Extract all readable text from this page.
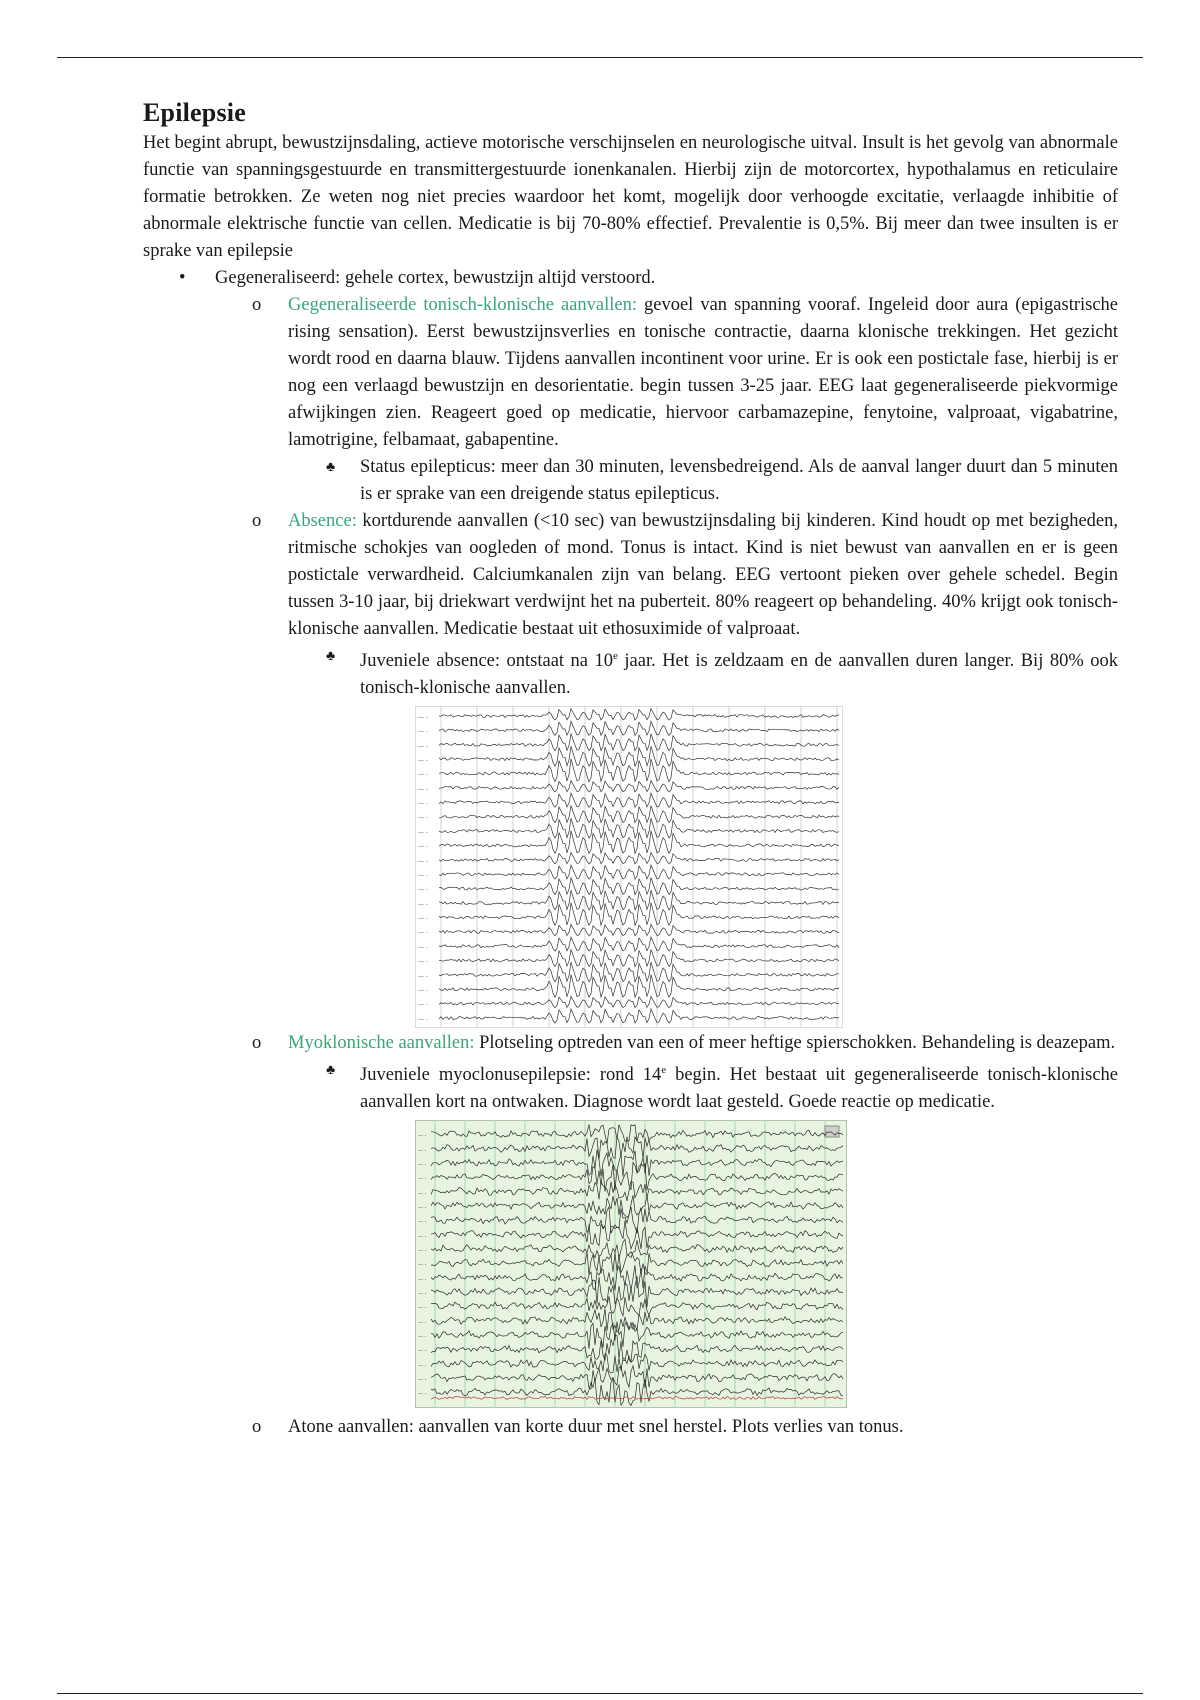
Epilepsie

Het begint abrupt, bewustzijnsdaling, actieve motorische verschijnselen en neurologische uitval. Insult is het gevolg van abnormale functie van spanningsgestuurde en transmittergestuurde ionenkanalen. Hierbij zijn de motorcortex, hypothalamus en reticulaire formatie betrokken. Ze weten nog niet precies waardoor het komt, mogelijk door verhoogde excitatie, verlaagde inhibitie of abnormale elektrische functie van cellen. Medicatie is bij 70-80% effectief. Prevalentie is 0,5%. Bij meer dan twee insulten is er sprake van epilepsie

• Gegeneraliseerd: gehele cortex, bewustzijn altijd verstoord.
o Gegeneraliseerde tonisch-klonische aanvallen: gevoel van spanning vooraf. Ingeleid door aura (epigastrische rising sensation). Eerst bewustzijnsverlies en tonische contractie, daarna klonische trekkingen. Het gezicht wordt rood en daarna blauw. Tijdens aanvallen incontinent voor urine. Er is ook een postictale fase, hierbij is er nog een verlaagd bewustzijn en desorientatie. begin tussen 3-25 jaar. EEG laat gegeneraliseerde piekvormige afwijkingen zien. Reageert goed op medicatie, hiervoor carbamazepine, fenytoine, valproaat, vigabatrine, lamotrigine, felbamaat, gabapentine.
♣ Status epilepticus: meer dan 30 minuten, levensbedreigend. Als de aanval langer duurt dan 5 minuten is er sprake van een dreigende status epilepticus.
o Absence: kortdurende aanvallen (<10 sec) van bewustzijnsdaling bij kinderen. Kind houdt op met bezigheden, ritmische schokjes van oogleden of mond. Tonus is intact. Kind is niet bewust van aanvallen en er is geen postictale verwardheid. Calciumkanalen zijn van belang. EEG vertoont pieken over gehele schedel. Begin tussen 3-10 jaar, bij driekwart verdwijnt het na puberteit. 80% reageert op behandeling. 40% krijgt ook tonisch-klonische aanvallen. Medicatie bestaat uit ethosuximide of valproaat.
♣ Juveniele absence: ontstaat na 10e jaar. Het is zeldzaam en de aanvallen duren langer. Bij 80% ook tonisch-klonische aanvallen.
— -
— -
— -
— -
— -
— -
— -
— -
— -
— -
— -
— -
— -
— -
— -
— -
— -
— -
— -
— -
— -
— -
o Myoklonische aanvallen: Plotseling optreden van een of meer heftige spierschokken. Behandeling is deazepam.
♣ Juveniele myoclonusepilepsie: rond 14e begin. Het bestaat uit gegeneraliseerde tonisch-klonische aanvallen kort na ontwaken. Diagnose wordt laat gesteld. Goede reactie op medicatie.
— -
— -
— -
— -
— -
— -
— -
— -
— -
— -
— -
— -
— -
— -
— -
— -
— -
— -
— -
o Atone aanvallen: aanvallen van korte duur met snel herstel. Plots verlies van tonus.
